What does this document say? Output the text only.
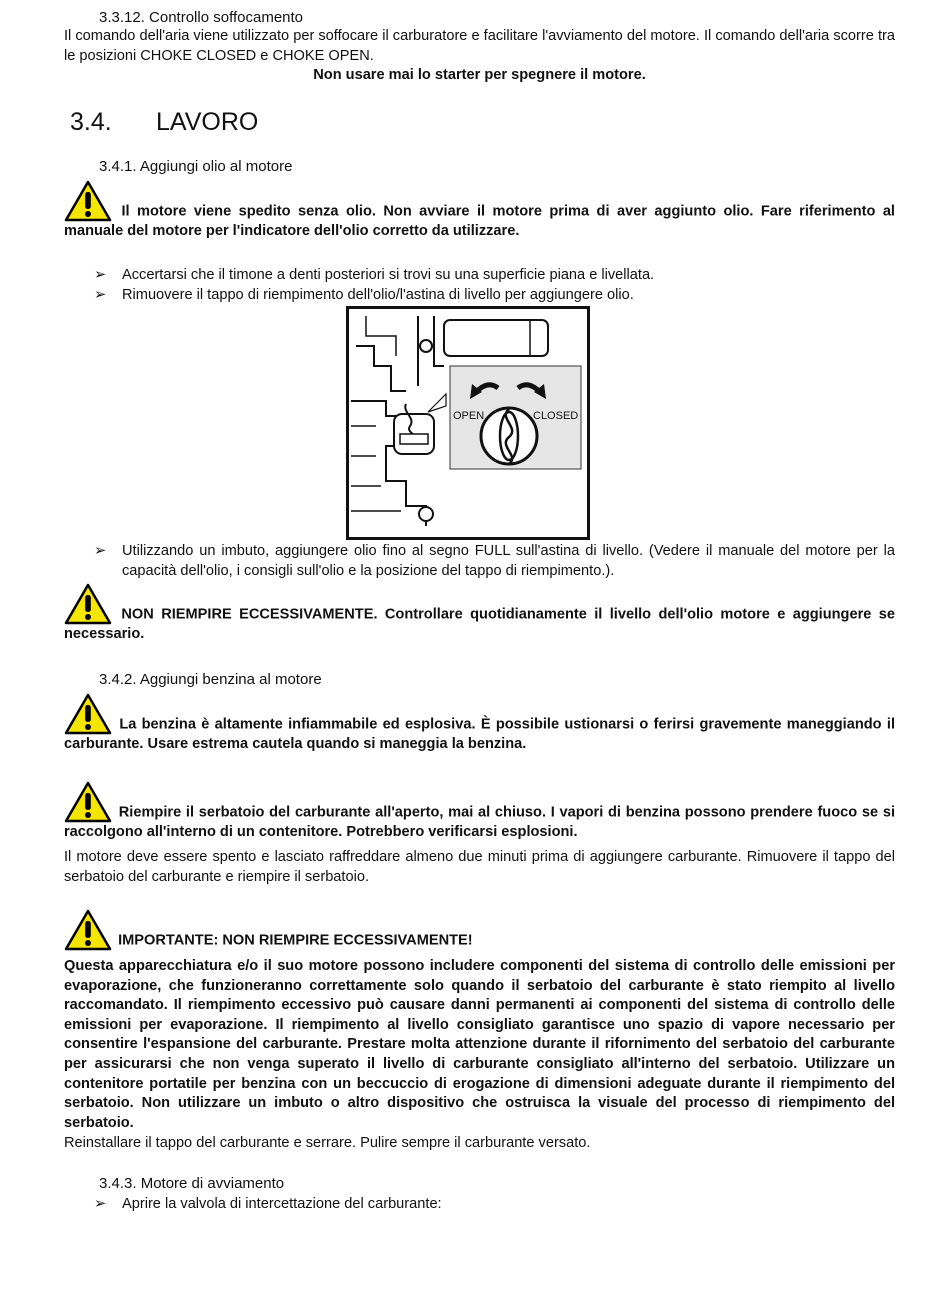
3.3.12. Controllo soffocamento
Il comando dell'aria viene utilizzato per soffocare il carburatore e facilitare l'avviamento del motore. Il comando dell'aria scorre tra le posizioni CHOKE CLOSED e CHOKE OPEN.
Non usare mai lo starter per spegnere il motore.
3.4. LAVORO
3.4.1. Aggiungi olio al motore
Il motore viene spedito senza olio. Non avviare il motore prima di aver aggiunto olio. Fare riferimento al manuale del motore per l'indicatore dell'olio corretto da utilizzare.
➢	Accertarsi che il timone a denti posteriori si trovi su una superficie piana e livellata.
➢	Rimuovere il tappo di riempimento dell'olio/l'astina di livello per aggiungere olio.
OPEN	CLOSED
➢	Utilizzando un imbuto, aggiungere olio fino al segno FULL sull'astina di livello. (Vedere il manuale del motore per la capacità dell'olio, i consigli sull'olio e la posizione del tappo di riempimento.).
NON RIEMPIRE ECCESSIVAMENTE. Controllare quotidianamente il livello dell'olio motore e aggiungere se necessario.
3.4.2. Aggiungi benzina al motore
La benzina è altamente infiammabile ed esplosiva. È possibile ustionarsi o ferirsi gravemente maneggiando il carburante. Usare estrema cautela quando si maneggia la benzina.
Riempire il serbatoio del carburante all'aperto, mai al chiuso. I vapori di benzina possono prendere fuoco se si raccolgono all'interno di un contenitore. Potrebbero verificarsi esplosioni.
Il motore deve essere spento e lasciato raffreddare almeno due minuti prima di aggiungere carburante. Rimuovere il tappo del serbatoio del carburante e riempire il serbatoio.
IMPORTANTE: NON RIEMPIRE ECCESSIVAMENTE!
Questa apparecchiatura e/o il suo motore possono includere componenti del sistema di controllo delle emissioni per evaporazione, che funzioneranno correttamente solo quando il serbatoio del carburante è stato riempito al livello raccomandato. Il riempimento eccessivo può causare danni permanenti ai componenti del sistema di controllo delle emissioni per evaporazione. Il riempimento al livello consigliato garantisce uno spazio di vapore necessario per consentire l'espansione del carburante. Prestare molta attenzione durante il rifornimento del serbatoio del carburante per assicurarsi che non venga superato il livello di carburante consigliato all'interno del serbatoio. Utilizzare un contenitore portatile per benzina con un beccuccio di erogazione di dimensioni adeguate durante il riempimento del serbatoio. Non utilizzare un imbuto o altro dispositivo che ostruisca la visuale del processo di riempimento del serbatoio.
Reinstallare il tappo del carburante e serrare. Pulire sempre il carburante versato.
3.4.3. Motore di avviamento
➢	Aprire la valvola di intercettazione del carburante:
